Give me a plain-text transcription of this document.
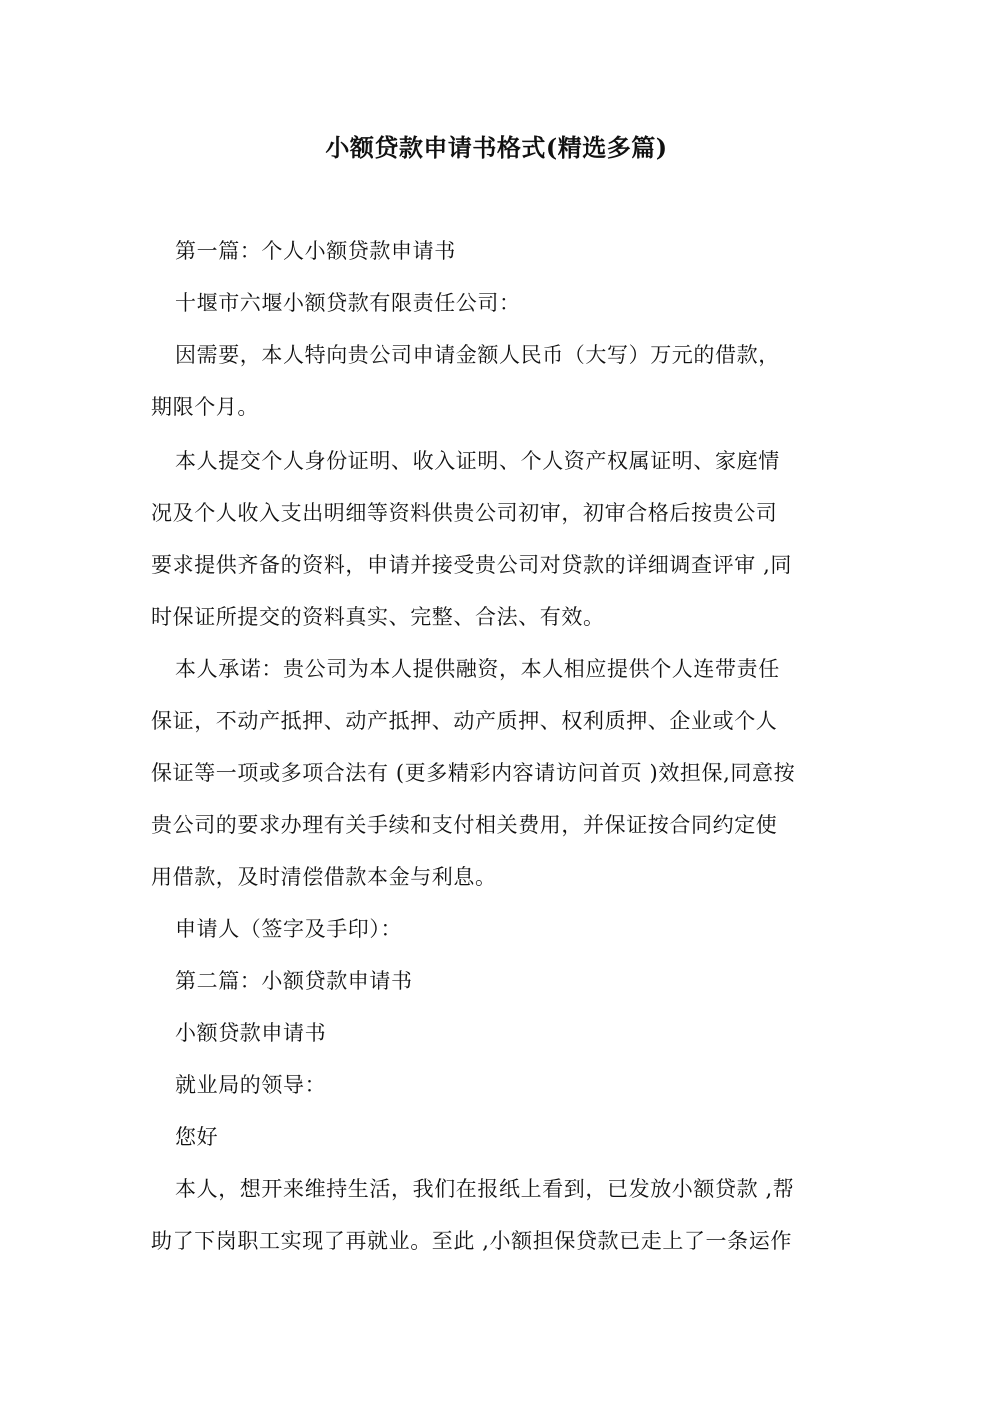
小额贷款申请书格式(精选多篇)
第一篇：个人小额贷款申请书
十堰市六堰小额贷款有限责任公司：
因需要，本人特向贵公司申请金额人民币（大写）万元的借款，
期限个月。
本人提交个人身份证明、收入证明、个人资产权属证明、家庭情
况及个人收入支出明细等资料供贵公司初审，初审合格后按贵公司
要求提供齐备的资料，申请并接受贵公司对贷款的详细调查评审 ,同
时保证所提交的资料真实、完整、合法、有效。
本人承诺：贵公司为本人提供融资，本人相应提供个人连带责任
保证，不动产抵押、动产抵押、动产质押、权利质押、企业或个人
保证等一项或多项合法有 (更多精彩内容请访问首页 )效担保,同意按
贵公司的要求办理有关手续和支付相关费用，并保证按合同约定使
用借款，及时清偿借款本金与利息。
申请人（签字及手印）：
第二篇：小额贷款申请书
小额贷款申请书
就业局的领导：
您好
本人，想开来维持生活，我们在报纸上看到，已发放小额贷款 ,帮
助了下岗职工实现了再就业。至此 ,小额担保贷款已走上了一条运作
